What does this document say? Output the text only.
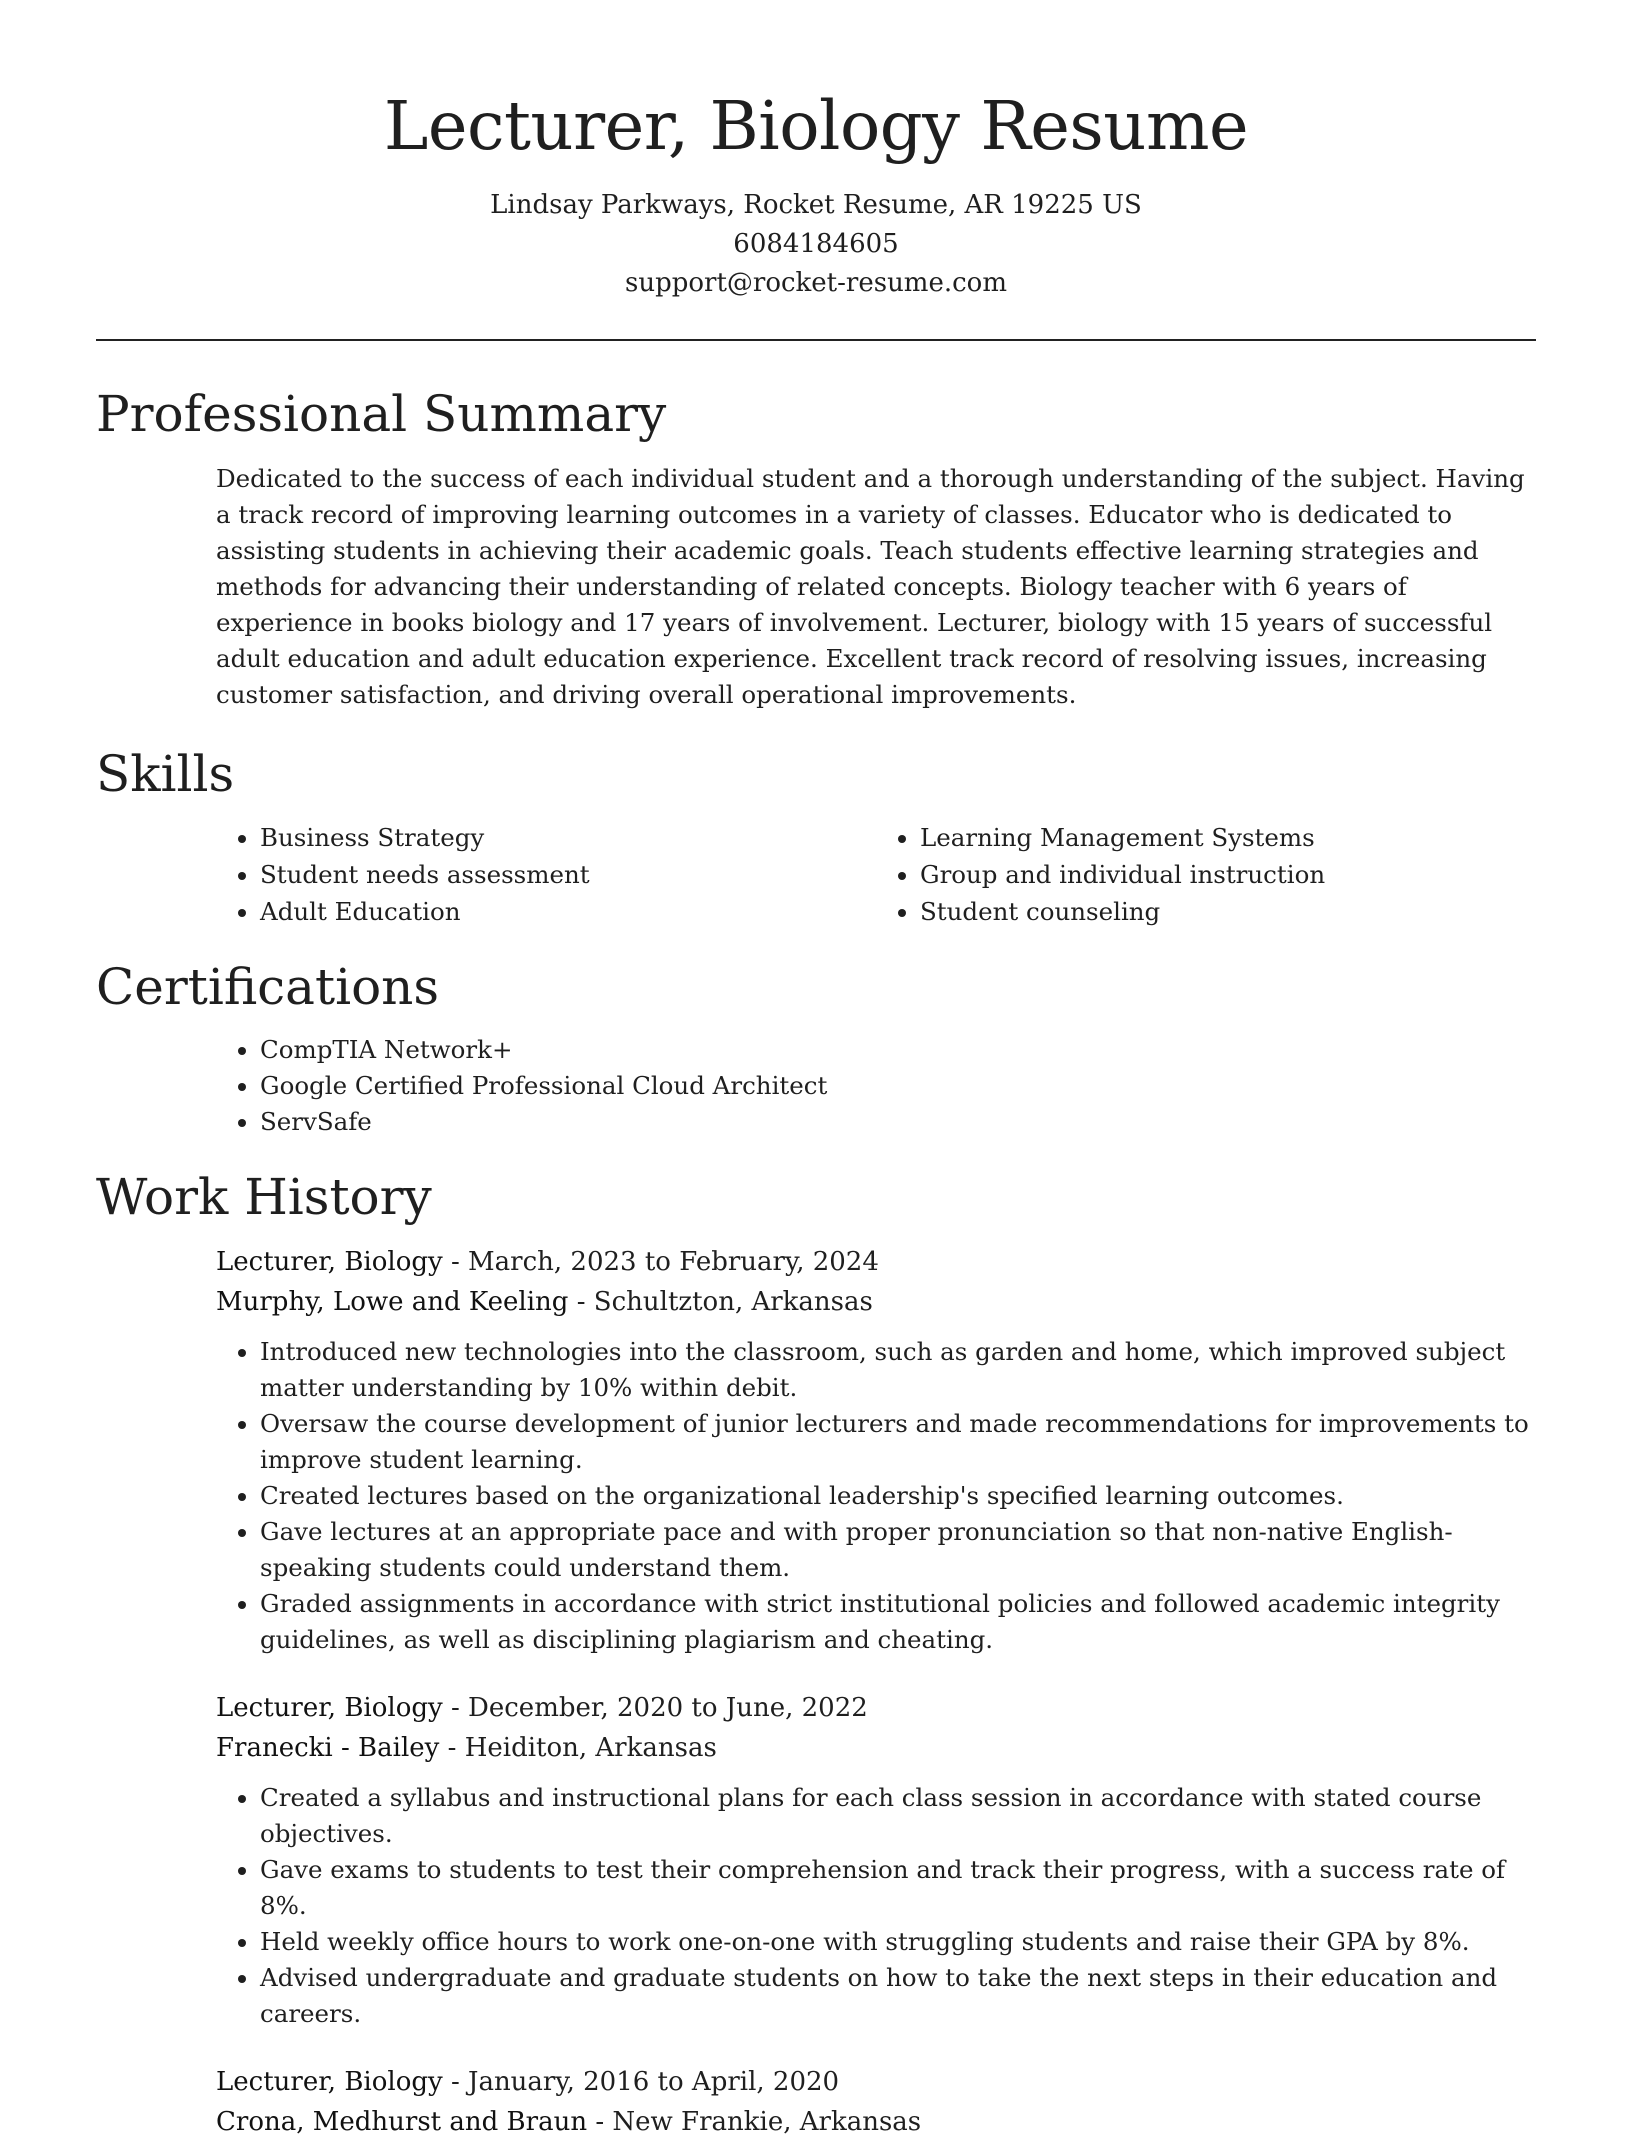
Lecturer, Biology Resume

Lindsay Parkways, Rocket Resume, AR 19225 US

6084184605

support@rocket-resume.com

Professional Summary

Dedicated to the success of each individual student and a thorough understanding of the subject. Having a track record of improving learning outcomes in a variety of classes. Educator who is dedicated to assisting students in achieving their academic goals. Teach students effective learning strategies and methods for advancing their understanding of related concepts. Biology teacher with 6 years of experience in books biology and 17 years of involvement. Lecturer, biology with 15 years of successful adult education and adult education experience. Excellent track record of resolving issues, increasing customer satisfaction, and driving overall operational improvements.

Skills
• Business Strategy
• Student needs assessment
• Adult Education
• Learning Management Systems
• Group and individual instruction
• Student counseling
Certifications
• CompTIA Network+
• Google Certified Professional Cloud Architect
• ServSafe
Work History

Lecturer, Biology - March, 2023 to February, 2024

Murphy, Lowe and Keeling - Schultzton, Arkansas

• Introduced new technologies into the classroom, such as garden and home, which improved subject matter understanding by 10% within debit.
• Oversaw the course development of junior lecturers and made recommendations for improvements to improve student learning.
• Created lectures based on the organizational leadership's specified learning outcomes.
• Gave lectures at an appropriate pace and with proper pronunciation so that non-native English-speaking students could understand them.
• Graded assignments in accordance with strict institutional policies and followed academic integrity guidelines, as well as disciplining plagiarism and cheating.

Lecturer, Biology - December, 2020 to June, 2022

Franecki - Bailey - Heiditon, Arkansas

• Created a syllabus and instructional plans for each class session in accordance with stated course objectives.
• Gave exams to students to test their comprehension and track their progress, with a success rate of 8%.
• Held weekly office hours to work one-on-one with struggling students and raise their GPA by 8%.
• Advised undergraduate and graduate students on how to take the next steps in their education and careers.

Lecturer, Biology - January, 2016 to April, 2020

Crona, Medhurst and Braun - New Frankie, Arkansas
